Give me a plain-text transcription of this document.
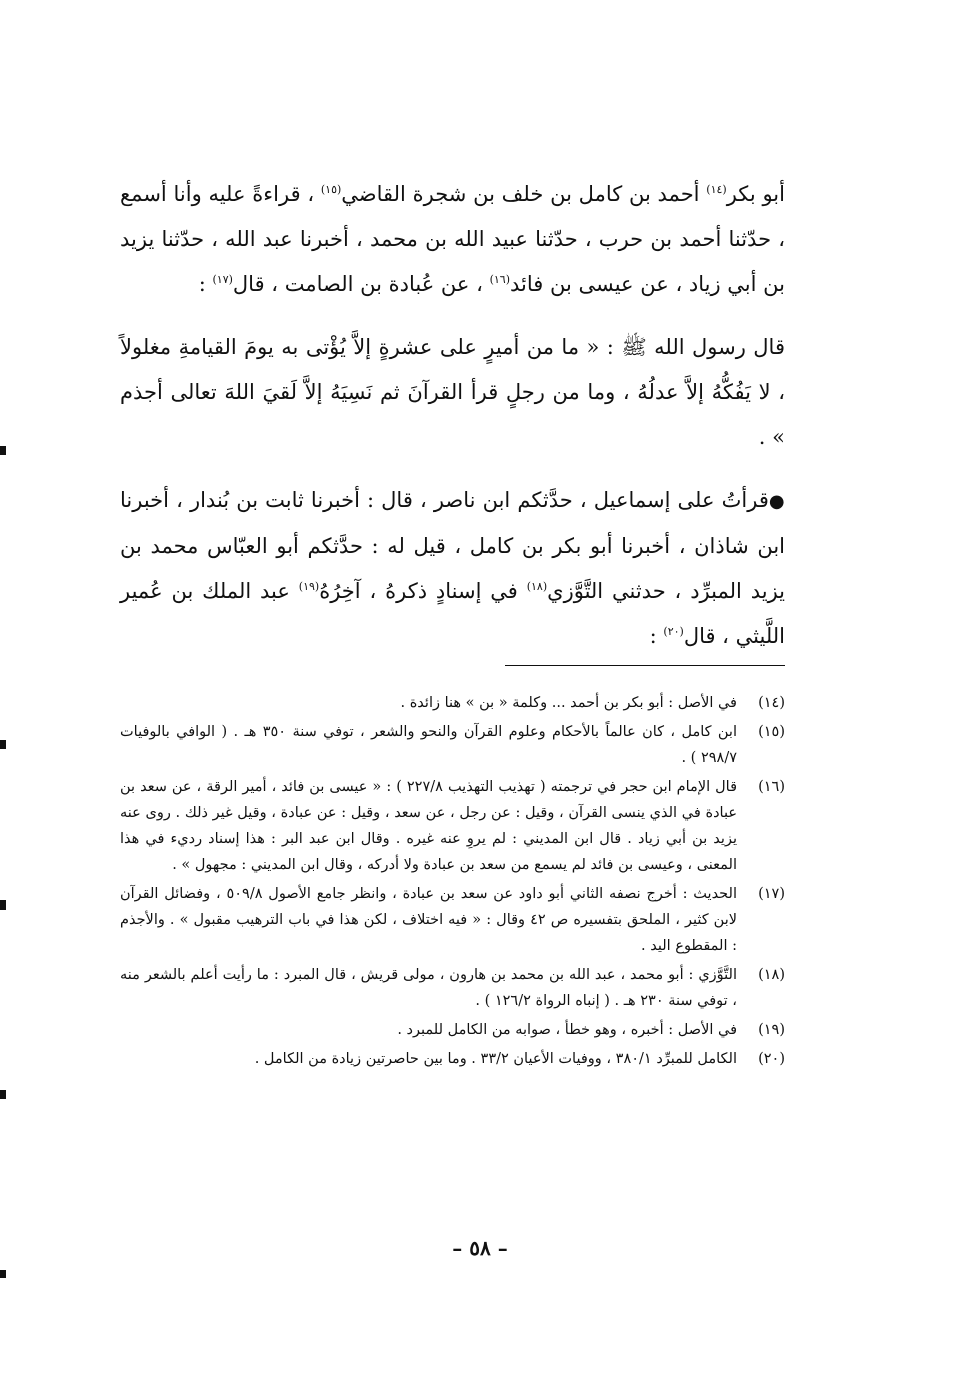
أبو بكر$^{(١٤)}$ أحمد بن كامل بن خلف بن شجرة القاضي$^{(١٥)}$ ، قراءةً عليه وأنا أسمع ، حدّثنا أحمد بن حرب ، حدّثنا عبيد الله بن محمد ، أخبرنا عبد الله ، حدّثنا يزيد بن أبي زياد ، عن عيسى بن فائد$^{(١٦)}$ ، عن عُبادة بن الصامت ، قال$^{(١٧)}$ :

قال رسول الله ﷺ : « ما من أميرٍ على عشرةٍ إلاَّ يُؤْتى به يومَ القيامةِ مغلولاً ، لا يَفُكُّهُ إلاَّ عدلُهُ ، وما من رجلٍ قرأ القرآنَ ثم نَسِيَهُ إلاَّ لَقيَ اللهَ تعالى أجذم » .

●قرأتُ على إسماعيل ، حدَّثكم ابن ناصر ، قال : أخبرنا ثابت بن بُندار ، أخبرنا ابن شاذان ، أخبرنا أبو بكر بن كامل ، قيل له : حدَّثكم أبو العبّاس محمد بن يزيد المبرِّد ، حدثني التَّوَّزي$^{(١٨)}$ في إسنادٍ ذكرهُ ، آخِرُهُ$^{(١٩)}$ عبد الملك بن عُمير اللَّيثي ، قال$^{(٢٠)}$ :

(١٤)
في الأصل : أبو بكر بن أحمد ... وكلمة « بن » هنا زائدة .
(١٥)
ابن كامل ، كان عالماً بالأحكام وعلوم القرآن والنحو والشعر ، توفي سنة ٣٥٠ هـ . ( الوافي بالوفيات ٢٩٨/٧ ) .
(١٦)
قال الإمام ابن حجر في ترجمته ( تهذيب التهذيب ٢٢٧/٨ ) : « عيسى بن فائد ، أمير الرقة ، عن سعد بن عبادة في الذي ينسى القرآن ، وقيل : عن رجل ، عن سعد ، وقيل : عن عبادة ، وقيل غير ذلك . روى عنه يزيد بن أبي زياد . قال ابن المديني : لم يروِ عنه غيره . وقال ابن عبد البر : هذا إسناد رديء في هذا المعنى ، وعيسى بن فائد لم يسمع من سعد بن عبادة ولا أدركه ، وقال ابن المديني : مجهول » .
(١٧)
الحديث : أخرج نصفه الثاني أبو داود عن سعد بن عبادة ، وانظر جامع الأصول ٥٠٩/٨ ، وفضائل القرآن لابن كثير ، الملحق بتفسيره ص ٤٢ وقال : « فيه اختلاف ، لكن هذا في باب الترهيب مقبول » . والأجذم : المقطوع اليد .
(١٨)
التَّوَّزي : أبو محمد ، عبد الله بن محمد بن هارون ، مولى قريش ، قال المبرد : ما رأيت أعلم بالشعر منه ، توفي سنة ٢٣٠ هـ . ( إنباه الرواة ١٢٦/٢ ) .
(١٩)
في الأصل : أخبره ، وهو خطأ ، صوابه من الكامل للمبرد .
(٢٠)
الكامل للمبرِّد ٣٨٠/١ ، ووفيات الأعيان ٣٣/٢ . وما بين حاصرتين زيادة من الكامل .
– ٥٨ –
